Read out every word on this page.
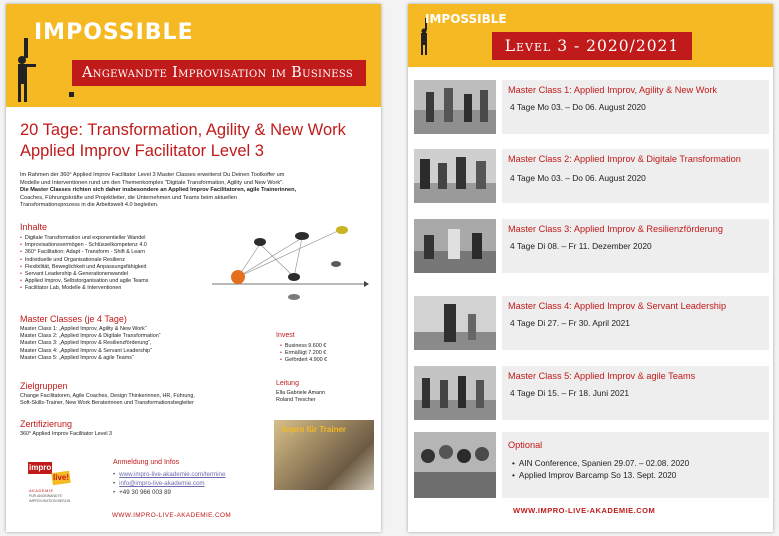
IMPOSSIBLE
Angewandte Improvisation im Business
20 Tage: Transformation, Agility & New Work
Applied Improv Facilitator Level 3
Im Rahmen der 360° Applied Improv Facilitator Level 3 Master Classes erweiterst Du Deinen Toolkoffer um
Modelle und Interventionen rund um den Themenkomplex "Digitale Transformation, Agility und New Work".
Die Master Classes richten sich daher insbesondere an Applied Improv Facilitatoren, agile Trainerinnen,
Coaches, Führungskräfte und Projektleiter, die Unternehmen und Teams beim aktuellen
Transformationsprozess in die Arbeitswelt 4.0 begleiten.
Inhalte
• Digitale Transformation und exponentieller Wandel
• Improvisationsvermögen - Schlüsselkompetenz 4.0
• 360° Facilitation: Adapt - Transform - Shift & Learn
• Individuelle und Organisationale Resilienz
• Flexibilität, Beweglichkeit und Anpassungsfähigkeit
• Servant Leadership & Generationenwandel
• Applied Improv, Selbstorganisation und agile Teams
• Facilitator Lab, Modelle & Interventionen
Master Classes (je 4 Tage)
Master Class 1: „Applied Improv, Agility & New Work“
Master Class 2: „Applied Improv & Digitale Transformation“
Master Class 3: „Applied Improv & Resilienzförderung“,
Master Class 4: „Applied Improv & Servant Leadership“
Master Class 5: „Applied Improv & agile Teams“
Invest
• Business 9.600 €
• Ermäßigt 7.200 €
• Gefördert 4.900 €
Leitung
Ella Gabriele Amann
Roland Trescher
Zielgruppen
Change Facilitatoren, Agile Coaches, Design Thinkerinnen, HR, Führung,
Soft-Skills-Trainer, New Work Beraterinnen und Transformationsbegleiter
Zertifizierung
360° Applied Improv Facilitator Level 3	Impro für Trainer
impro
live!
AKADEMIE
FÜR ANGEWANDTE
IMPROVISATION BERLIN
Anmeldung und Infos
• www.impro-live-akademie.com/termine
• info@impro-live-akademie.com
• +49 30 966 003 89
WWW.IMPRO-LIVE-AKADEMIE.COM
IMPOSSIBLE
Level 3 - 2020/2021
Master Class 1: Applied Improv, Agility & New Work
4 Tage Mo 03. – Do 06. August 2020
Master Class 2: Applied Improv & Digitale Transformation
4 Tage Mo 03. – Do 06. August 2020
Master Class 3: Applied Improv & Resilienzförderung
4 Tage Di 08. – Fr 11. Dezember 2020
Master Class 4: Applied Improv & Servant Leadership
4 Tage Di 27. – Fr 30. April 2021
Master Class 5: Applied Improv & agile Teams
4 Tage Di 15. – Fr 18. Juni 2021
Optional
• AIN Conference, Spanien 29.07. – 02.08. 2020
• Applied Improv Barcamp So 13. Sept. 2020
WWW.IMPRO-LIVE-AKADEMIE.COM
